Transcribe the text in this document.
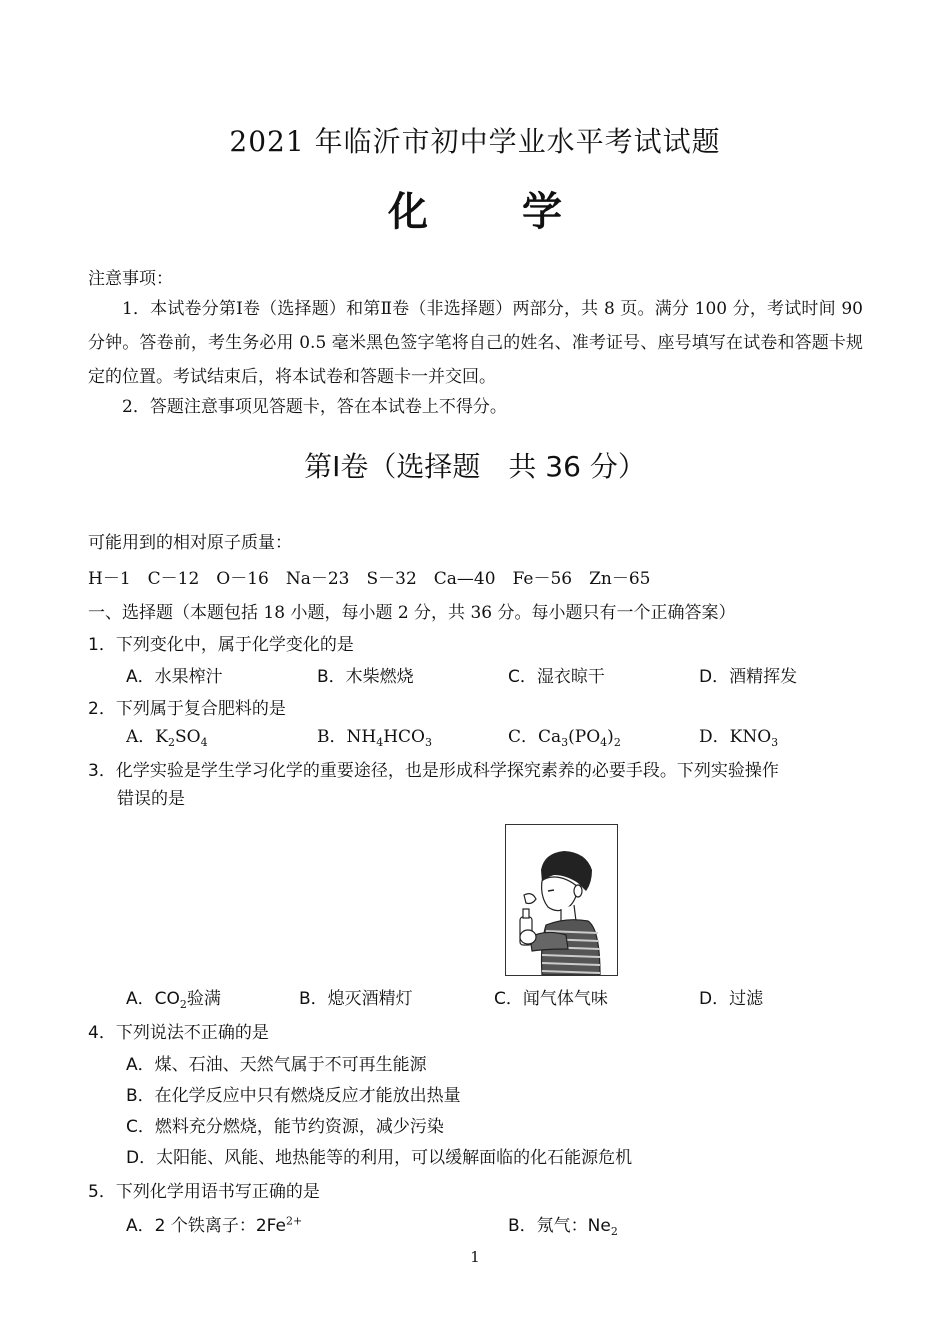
2021 年临沂市初中学业水平考试试题
化 学
注意事项：
1．本试卷分第Ⅰ卷（选择题）和第Ⅱ卷（非选择题）两部分，共 8 页。满分 100 分，考试时间 90 分钟。答卷前，考生务必用 0.5 毫米黑色签字笔将自己的姓名、准考证号、座号填写在试卷和答题卡规定的位置。考试结束后，将本试卷和答题卡一并交回。
2．答题注意事项见答题卡，答在本试卷上不得分。
第Ⅰ卷（选择题　共 36 分）
可能用到的相对原子质量：
H－1　C－12　O－16　Na－23　S－32　Ca—40　Fe－56　Zn－65
一、选择题（本题包括 18 小题，每小题 2 分，共 36 分。每小题只有一个正确答案）
1．下列变化中，属于化学变化的是
A．水果榨汁	B．木柴燃烧	C．湿衣晾干	D．酒精挥发
2．下列属于复合肥料的是
A．$K_2SO_4$	B．$NH_4HCO_3$	C．$Ca_3(PO_4)_2$	D．$KNO_3$
3．化学实验是学生学习化学的重要途径，也是形成科学探究素养的必要手段。下列实验操作
错误的是
A．$CO_2$验满	B．熄灭酒精灯	C．闻气体气味	D．过滤
4．下列说法不正确的是
A．煤、石油、天然气属于不可再生能源
B．在化学反应中只有燃烧反应才能放出热量
C．燃料充分燃烧，能节约资源，减少污染
D．太阳能、风能、地热能等的利用，可以缓解面临的化石能源危机
5．下列化学用语书写正确的是
A．2 个铁离子：$2Fe^{2+}$	B．氖气：$Ne_2$
1
